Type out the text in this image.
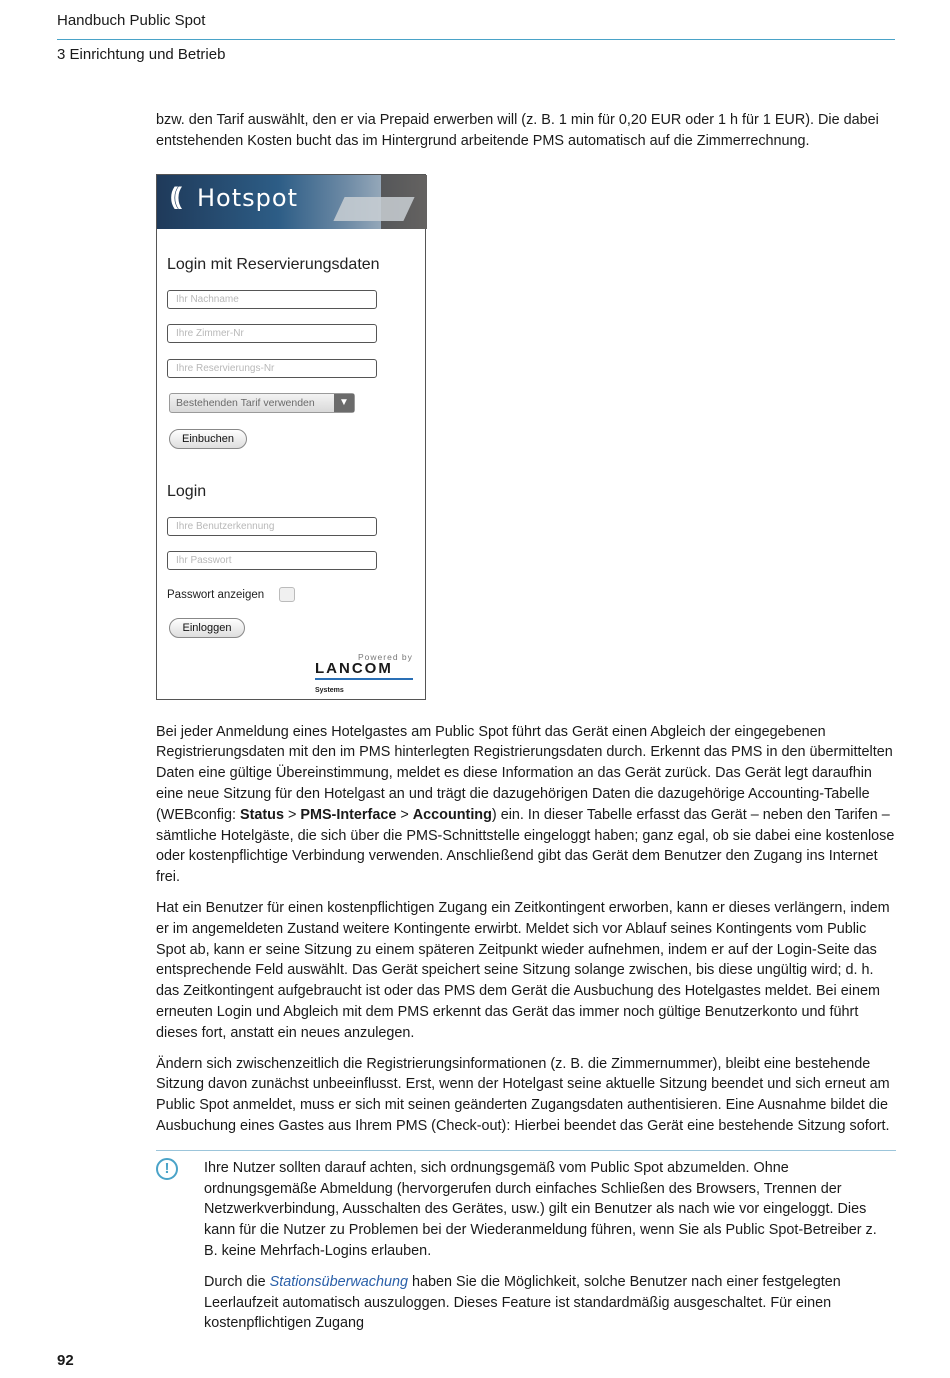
Handbuch Public Spot
3 Einrichtung und Betrieb

bzw. den Tarif auswählt, den er via Prepaid erwerben will (z. B. 1 min für 0,20 EUR oder 1 h für 1 EUR). Die dabei entstehenden Kosten bucht das im Hintergrund arbeitende PMS automatisch auf die Zimmerrechnung.

(( Hotspot
Login mit Reservierungsdaten
Ihr Nachname
Ihre Zimmer-Nr
Ihre Reservierungs-Nr
Bestehenden Tarif verwenden	▼
Einbuchen
Login
Ihre Benutzerkennung
Ihr Passwort
Passwort anzeigen
Einloggen
Powered by
LANCOM
Systems

Bei jeder Anmeldung eines Hotelgastes am Public Spot führt das Gerät einen Abgleich der eingegebenen Registrierungsdaten mit den im PMS hinterlegten Registrierungsdaten durch. Erkennt das PMS in den übermittelten Daten eine gültige Übereinstimmung, meldet es diese Information an das Gerät zurück. Das Gerät legt daraufhin eine neue Sitzung für den Hotelgast an und trägt die dazugehörigen Daten die dazugehörige Accounting-Tabelle (WEBconfig: Status > PMS-Interface > Accounting) ein. In dieser Tabelle erfasst das Gerät – neben den Tarifen – sämtliche Hotelgäste, die sich über die PMS-Schnittstelle eingeloggt haben; ganz egal, ob sie dabei eine kostenlose oder kostenpflichtige Verbindung verwenden. Anschließend gibt das Gerät dem Benutzer den Zugang ins Internet frei.

Hat ein Benutzer für einen kostenpflichtigen Zugang ein Zeitkontingent erworben, kann er dieses verlängern, indem er im angemeldeten Zustand weitere Kontingente erwirbt. Meldet sich vor Ablauf seines Kontingents vom Public Spot ab, kann er seine Sitzung zu einem späteren Zeitpunkt wieder aufnehmen, indem er auf der Login-Seite das entsprechende Feld auswählt. Das Gerät speichert seine Sitzung solange zwischen, bis diese ungültig wird; d. h. das Zeitkontingent aufgebraucht ist oder das PMS dem Gerät die Ausbuchung des Hotelgastes meldet. Bei einem erneuten Login und Abgleich mit dem PMS erkennt das Gerät das immer noch gültige Benutzerkonto und führt dieses fort, anstatt ein neues anzulegen.

Ändern sich zwischenzeitlich die Registrierungsinformationen (z. B. die Zimmernummer), bleibt eine bestehende Sitzung davon zunächst unbeeinflusst. Erst, wenn der Hotelgast seine aktuelle Sitzung beendet und sich erneut am Public Spot anmeldet, muss er sich mit seinen geänderten Zugangsdaten authentisieren. Eine Ausnahme bildet die Ausbuchung eines Gastes aus Ihrem PMS (Check-out): Hierbei beendet das Gerät eine bestehende Sitzung sofort.

!	Ihre Nutzer sollten darauf achten, sich ordnungsgemäß vom Public Spot abzumelden. Ohne ordnungsgemäße Abmeldung (hervorgerufen durch einfaches Schließen des Browsers, Trennen der Netzwerkverbindung, Ausschalten des Gerätes, usw.) gilt ein Benutzer als nach wie vor eingeloggt. Dies kann für die Nutzer zu Problemen bei der Wiederanmeldung führen, wenn Sie als Public Spot-Betreiber z. B. keine Mehrfach-Logins erlauben.

Durch die Stationsüberwachung haben Sie die Möglichkeit, solche Benutzer nach einer festgelegten Leerlaufzeit automatisch auszuloggen. Dieses Feature ist standardmäßig ausgeschaltet. Für einen kostenpflichtigen Zugang

92
